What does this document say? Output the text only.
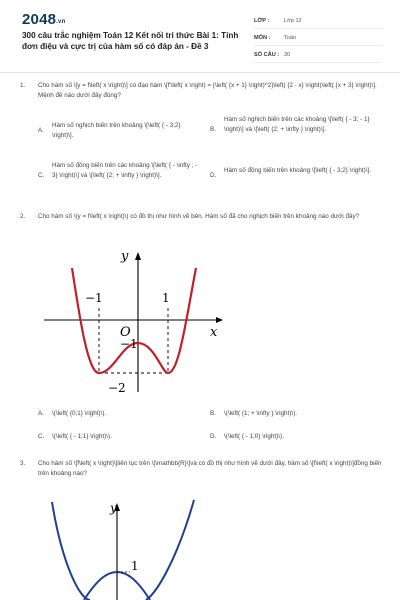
$2048_{.vn}$
300 câu trắc nghiệm Toán 12 Kết nối tri thức Bài 1: Tính đơn điệu và cực trị của hàm số có đáp án - Đề 3
LỚP :	Lớp 12
MÔN :	Toán
SỐ CÂU : 30
1. Cho hàm số \[y = f\left( x \right)\] có đạo hàm \[f'\left( x \right) = {\left( {x + 1} \right)^2}\left( {2 - x} \right)\left( {x + 3} \right)\]. Mệnh đề nào dưới đây đúng?
A.
Hàm số nghịch biến trên khoảng \[\left( { - 3;2} \right)\].
B.
Hàm số nghịch biến trên các khoảng \[\left( { - 3; - 1} \right)\] và \[\left( {2; + \infty } \right)\].
C.
Hàm số đồng biến trên các khoảng \[\left( { - \infty ; - 3} \right)\] và \[\left( {2; + \infty } \right)\].	D.
Hàm số đồng biến trên khoảng \[\left( { - 3;2} \right)\].
2. Cho hàm số \(y = f\left( x \right)\) có đồ thị như hình vẽ bên. Hàm số đã cho nghịch biến trên khoảng nào dưới đây?
y
x
O
−1	1
−1
−2
A. \(\left( {0;1} \right)\).	B. \(\left( {1; + \infty } \right)\).
C. \(\left( { - 1;1} \right)\).	D. \(\left( { - 1;0} \right)\).
3. Cho hàm số \[f\left( x \right)\]liên tục trên \[\mathbb{R}\]và có đồ thị như hình vẽ dưới đây, hàm số \[f\left( x \right)\]đồng biến trên khoảng nào?
y
1
